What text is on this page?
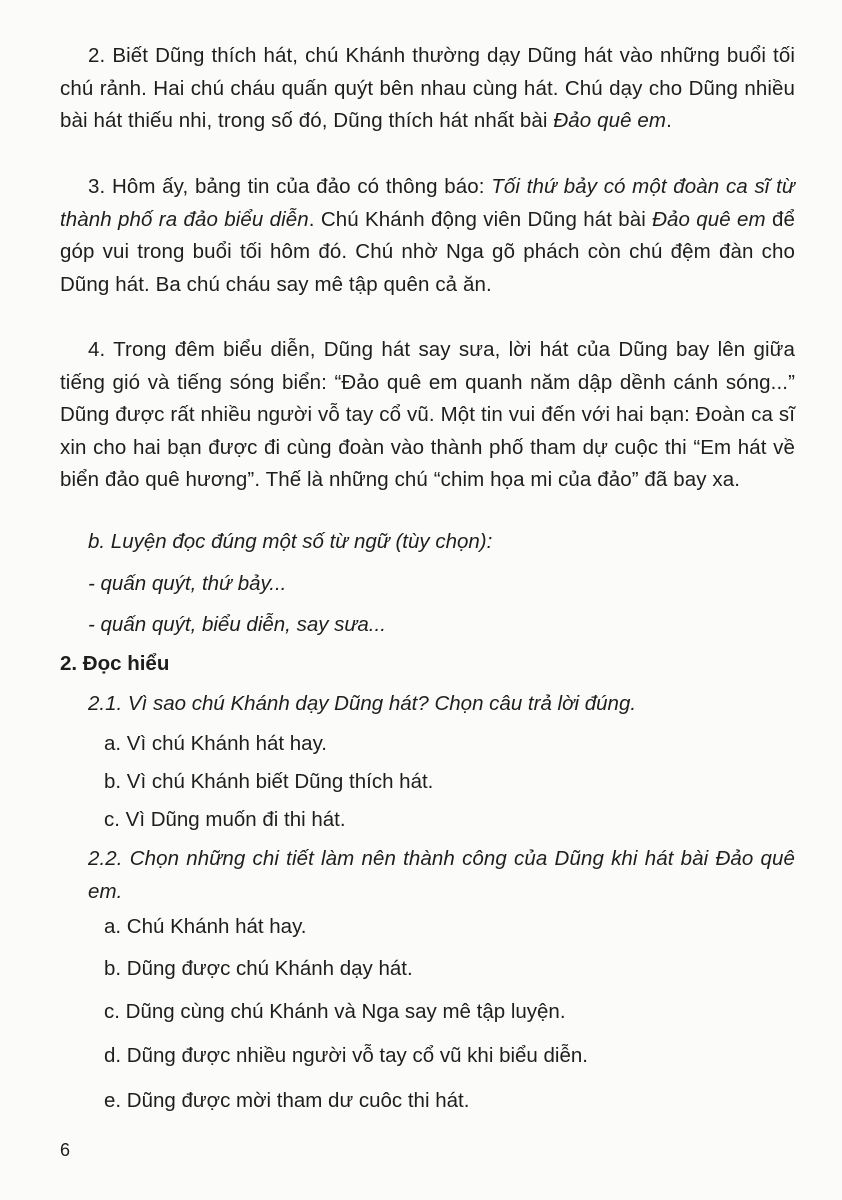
2. Biết Dũng thích hát, chú Khánh thường dạy Dũng hát vào những buổi tối chú rảnh. Hai chú cháu quấn quýt bên nhau cùng hát. Chú dạy cho Dũng nhiều bài hát thiếu nhi, trong số đó, Dũng thích hát nhất bài Đảo quê em.
3. Hôm ấy, bảng tin của đảo có thông báo: Tối thứ bảy có một đoàn ca sĩ từ thành phố ra đảo biểu diễn. Chú Khánh động viên Dũng hát bài Đảo quê em để góp vui trong buổi tối hôm đó. Chú nhờ Nga gõ phách còn chú đệm đàn cho Dũng hát. Ba chú cháu say mê tập quên cả ăn.
4. Trong đêm biểu diễn, Dũng hát say sưa, lời hát của Dũng bay lên giữa tiếng gió và tiếng sóng biển: “Đảo quê em quanh năm dập dềnh cánh sóng...” Dũng được rất nhiều người vỗ tay cổ vũ. Một tin vui đến với hai bạn: Đoàn ca sĩ xin cho hai bạn được đi cùng đoàn vào thành phố tham dự cuộc thi “Em hát về biển đảo quê hương”. Thế là những chú “chim họa mi của đảo” đã bay xa.
b. Luyện đọc đúng một số từ ngữ (tùy chọn):
- quấn quýt, thứ bảy...
- quấn quýt, biểu diễn, say sưa...
2. Đọc hiểu
2.1. Vì sao chú Khánh dạy Dũng hát? Chọn câu trả lời đúng.
a. Vì chú Khánh hát hay.
b. Vì chú Khánh biết Dũng thích hát.
c. Vì Dũng muốn đi thi hát.
2.2. Chọn những chi tiết làm nên thành công của Dũng khi hát bài Đảo quê em.
a. Chú Khánh hát hay.
b. Dũng được chú Khánh dạy hát.
c. Dũng cùng chú Khánh và Nga say mê tập luyện.
d. Dũng được nhiều người vỗ tay cổ vũ khi biểu diễn.
e. Dũng được mời tham dư cuôc thi hát.
6
